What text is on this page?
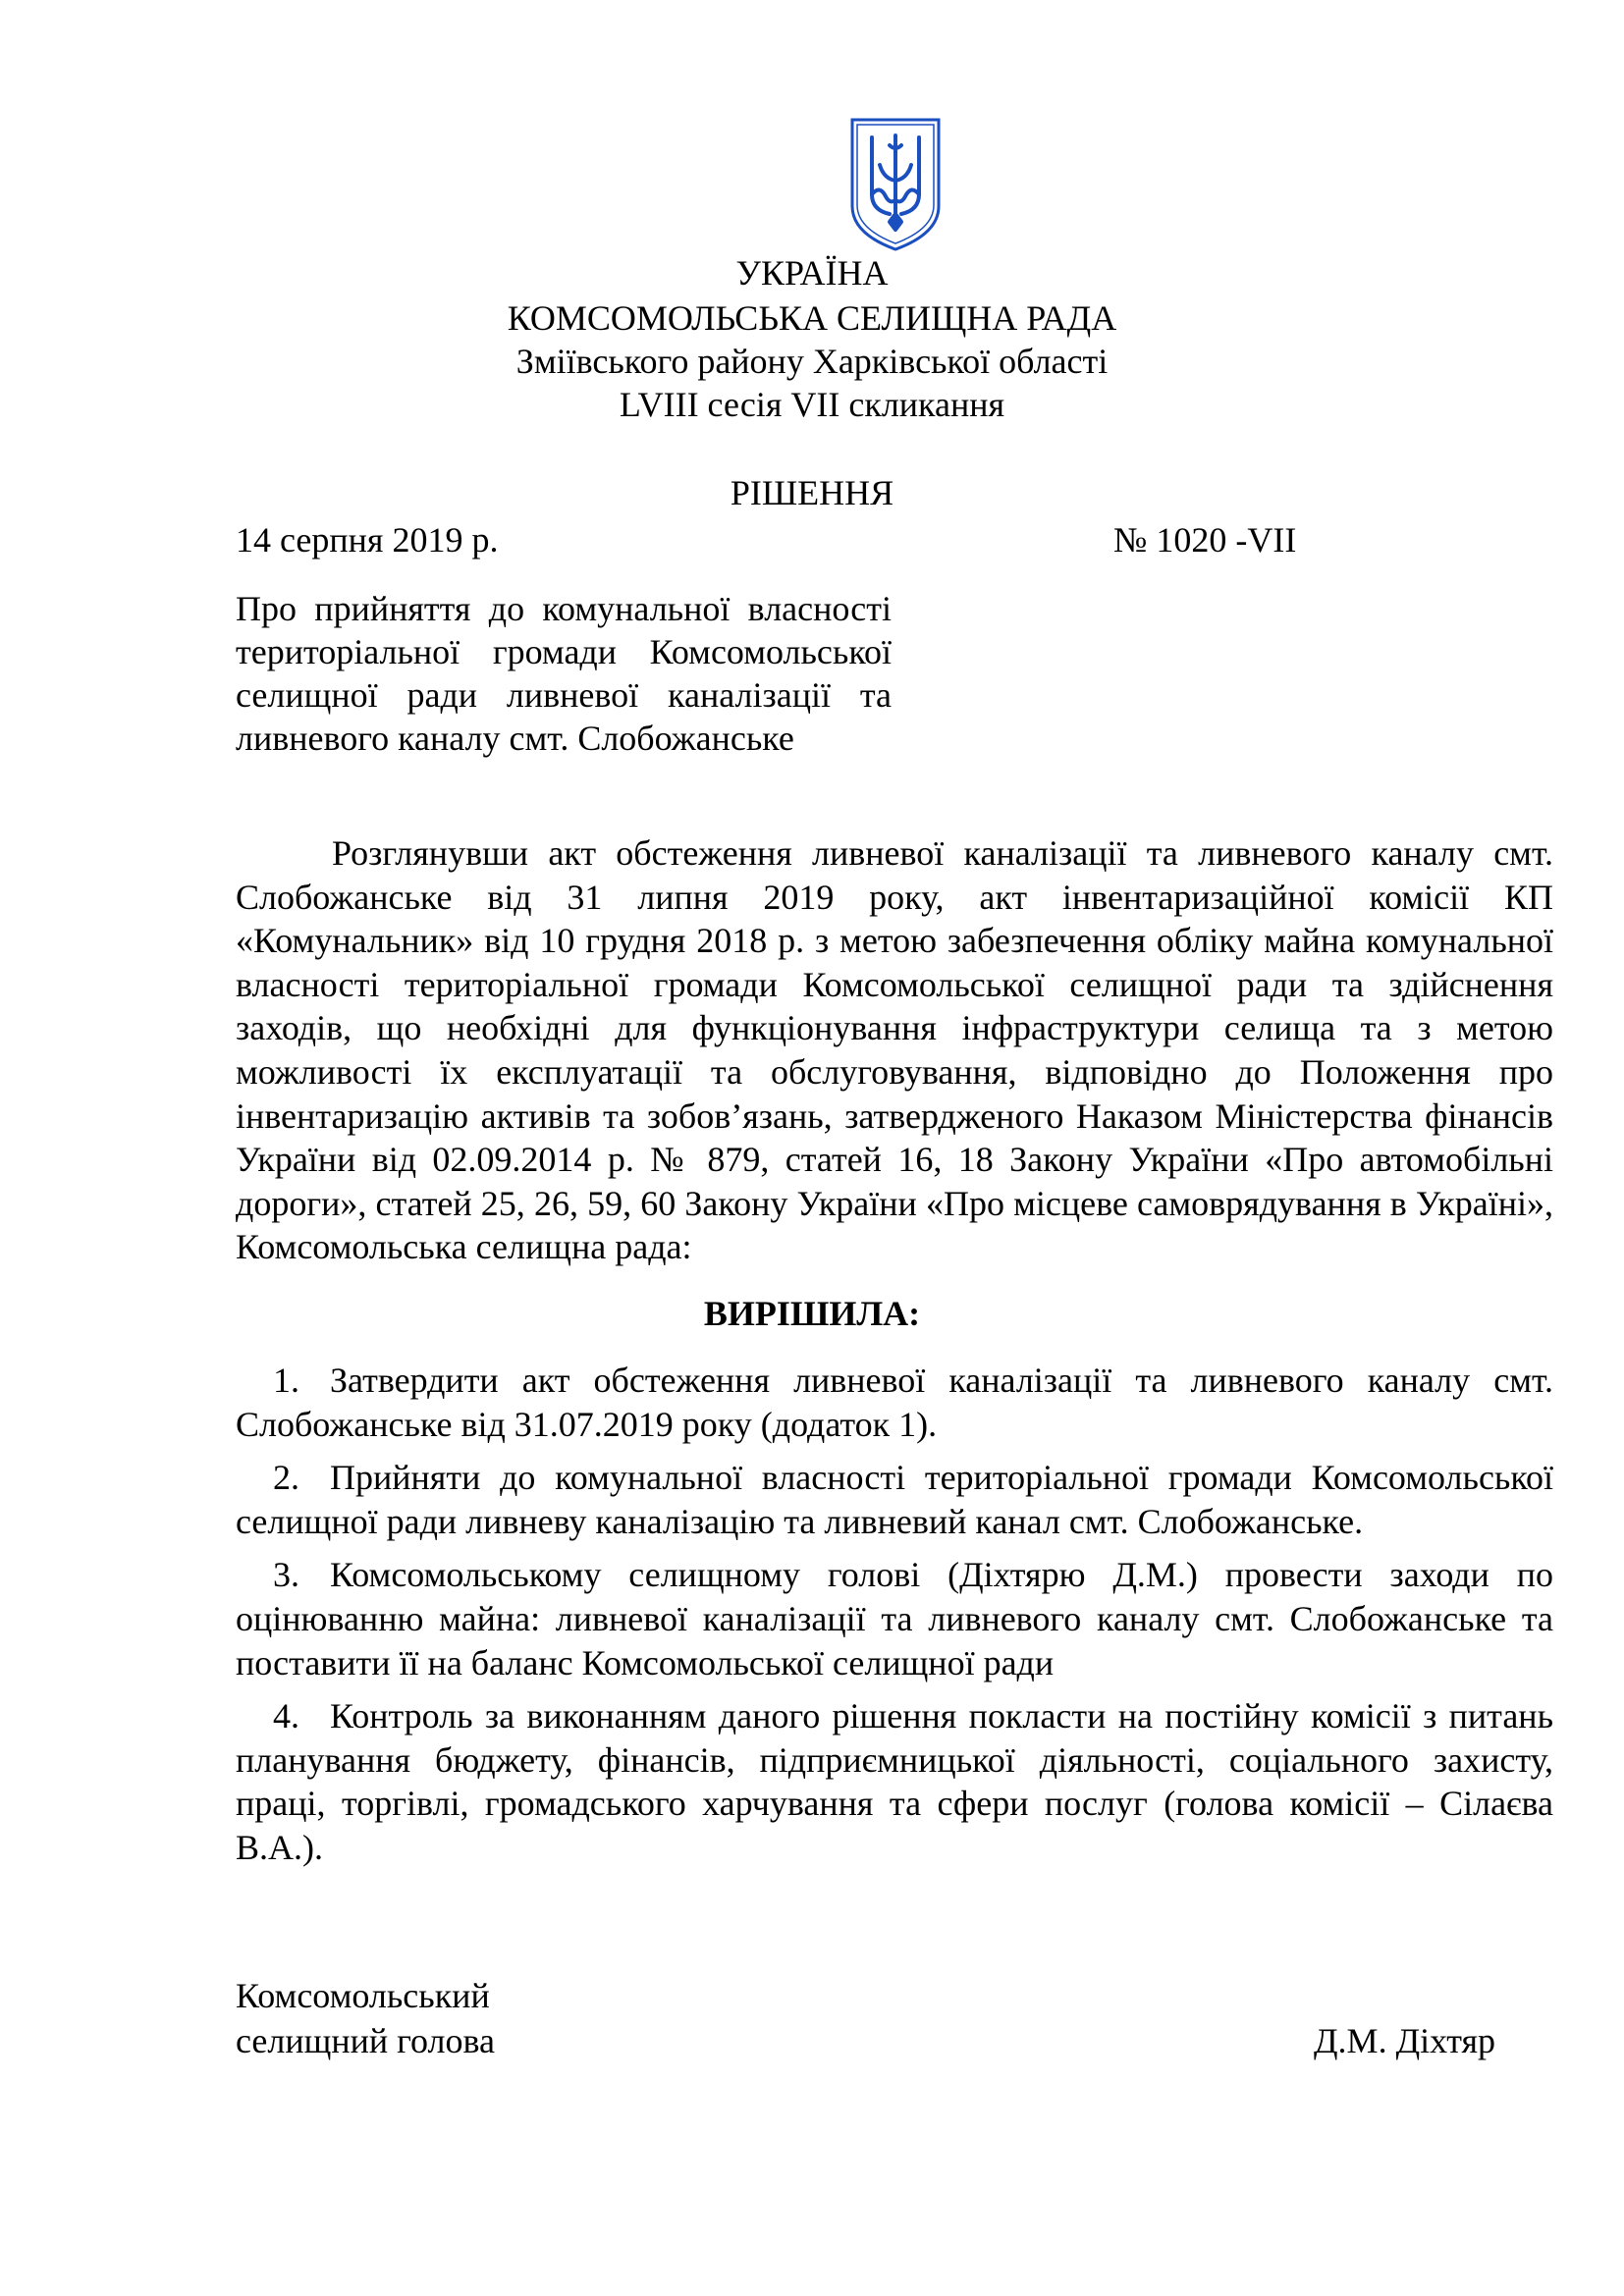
УКРАЇНА
КОМСОМОЛЬСЬКА СЕЛИЩНА РАДА
Зміївського району Харківської області
LVIII сесія VII скликання
РІШЕННЯ
14 серпня 2019 р.	№ 1020 -VII

Про прийняття до комунальної власності територіальної громади Комсомольської селищної ради ливневої каналізації та ливневого каналу смт. Слобожанське

Розглянувши акт обстеження ливневої каналізації та ливневого каналу смт. Слобожанське від 31 липня 2019 року, акт інвентаризаційної комісії КП «Комунальник» від 10 грудня 2018 р. з метою забезпечення обліку майна комунальної власності територіальної громади Комсомольської селищної ради та здійснення заходів, що необхідні для функціонування інфраструктури селища та з метою можливості їх експлуатації та обслуговування, відповідно до Положення про інвентаризацію активів та зобов’язань, затвердженого Наказом Міністерства фінансів України від 02.09.2014 р. № 879, статей 16, 18 Закону України «Про автомобільні дороги», статей 25, 26, 59, 60 Закону України «Про місцеве самоврядування в Україні», Комсомольська селищна рада:

ВИРІШИЛА:

1. Затвердити акт обстеження ливневої каналізації та ливневого каналу смт. Слобожанське від 31.07.2019 року (додаток 1).

2. Прийняти до комунальної власності територіальної громади Комсомольської селищної ради ливневу каналізацію та ливневий канал смт. Слобожанське.

3. Комсомольському селищному голові (Діхтярю Д.М.) провести заходи по оцінюванню майна: ливневої каналізації та ливневого каналу смт. Слобожанське та поставити її на баланс Комсомольської селищної ради

4. Контроль за виконанням даного рішення покласти на постійну комісії з питань планування бюджету, фінансів, підприємницької діяльності, соціального захисту, праці, торгівлі, громадського харчування та сфери послуг (голова комісії – Сілаєва В.А.).

Комсомольський
селищний голова	Д.М. Діхтяр
